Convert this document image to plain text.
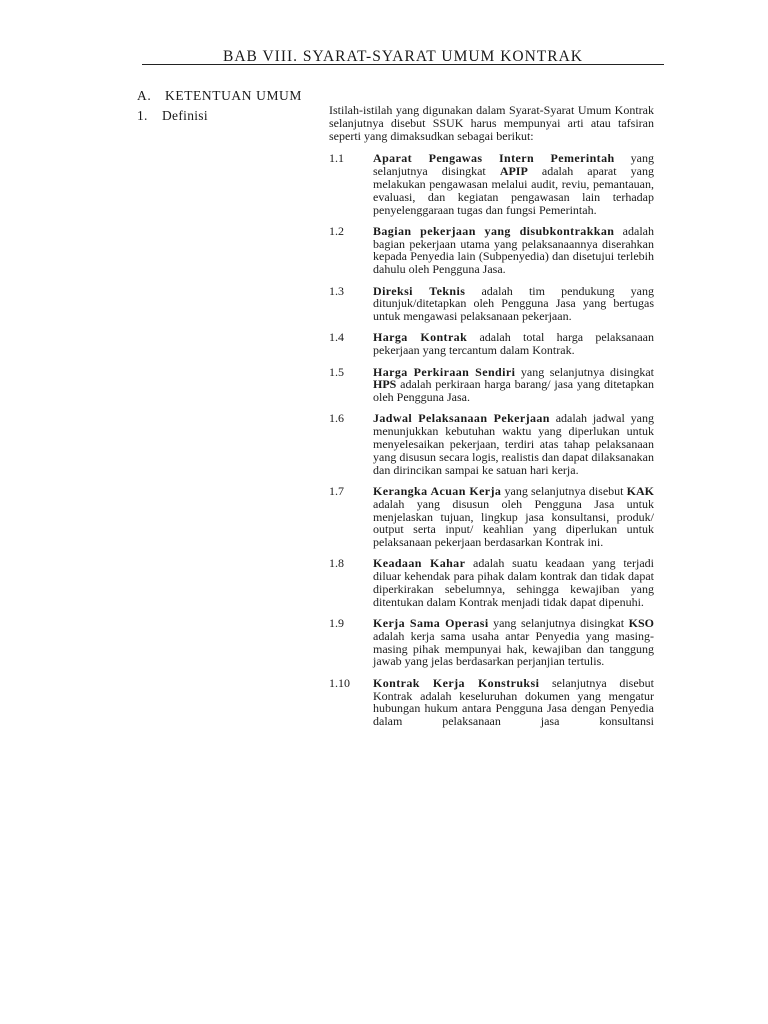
BAB VIII. SYARAT-SYARAT UMUM KONTRAK
A. KETENTUAN UMUM
1. Definisi	Istilah-istilah yang digunakan dalam Syarat-Syarat Umum Kontrak selanjutnya disebut SSUK harus mempunyai arti atau tafsiran seperti yang dimaksudkan sebagai berikut:

1.1	Aparat Pengawas Intern Pemerintah yang selanjutnya disingkat APIP adalah aparat yang melakukan pengawasan melalui audit, reviu, pemantauan, evaluasi, dan kegiatan pengawasan lain terhadap penyelenggaraan tugas dan fungsi Pemerintah.
1.2	Bagian pekerjaan yang disubkontrakkan adalah bagian pekerjaan utama yang pelaksanaannya diserahkan kepada Penyedia lain (Subpenyedia) dan disetujui terlebih dahulu oleh Pengguna Jasa.
1.3	Direksi Teknis adalah tim pendukung yang ditunjuk/ditetapkan oleh Pengguna Jasa yang bertugas untuk mengawasi pelaksanaan pekerjaan.
1.4	Harga Kontrak adalah total harga pelaksanaan pekerjaan yang tercantum dalam Kontrak.
1.5	Harga Perkiraan Sendiri yang selanjutnya disingkat HPS adalah perkiraan harga barang/ jasa yang ditetapkan oleh Pengguna Jasa.
1.6	Jadwal Pelaksanaan Pekerjaan adalah jadwal yang menunjukkan kebutuhan waktu yang diperlukan untuk menyelesaikan pekerjaan, terdiri atas tahap pelaksanaan yang disusun secara logis, realistis dan dapat dilaksanakan dan dirincikan sampai ke satuan hari kerja.
1.7	Kerangka Acuan Kerja yang selanjutnya disebut KAK adalah yang disusun oleh Pengguna Jasa untuk menjelaskan tujuan, lingkup jasa konsultansi, produk/ output serta input/ keahlian yang diperlukan untuk pelaksanaan pekerjaan berdasarkan Kontrak ini.
1.8	Keadaan Kahar adalah suatu keadaan yang terjadi diluar kehendak para pihak dalam kontrak dan tidak dapat diperkirakan sebelumnya, sehingga kewajiban yang ditentukan dalam Kontrak menjadi tidak dapat dipenuhi.
1.9	Kerja Sama Operasi yang selanjutnya disingkat KSO adalah kerja sama usaha antar Penyedia yang masing-masing pihak mempunyai hak, kewajiban dan tanggung jawab yang jelas berdasarkan perjanjian tertulis.
1.10	Kontrak Kerja Konstruksi selanjutnya disebut Kontrak adalah keseluruhan dokumen yang mengatur hubungan hukum antara Pengguna Jasa dengan Penyedia dalam pelaksanaan jasa konsultansi
